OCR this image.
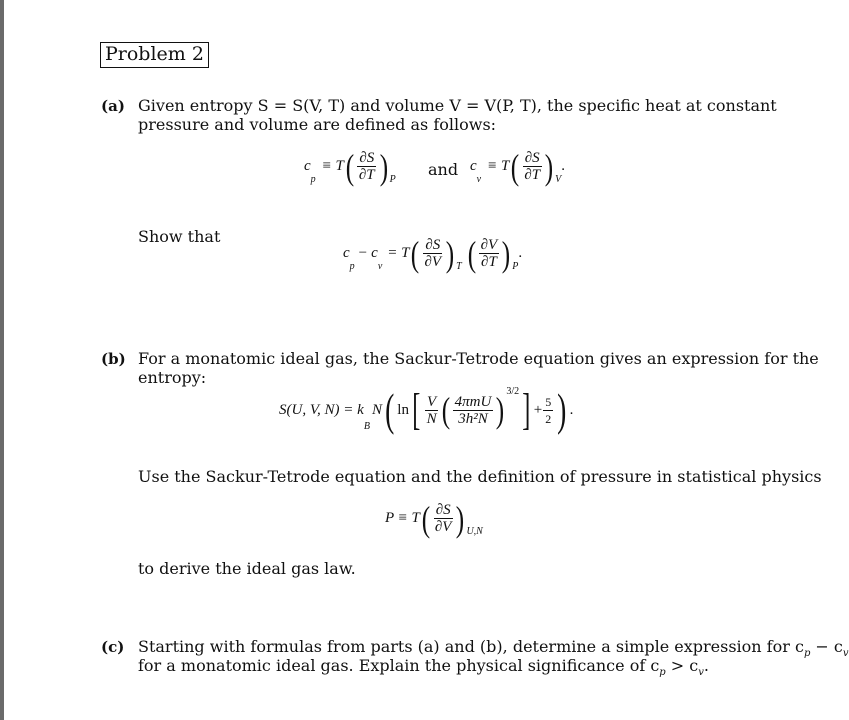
Problem 2
(a) Given entropy S = S(V, T) and volume V = V(P, T), the specific heat at constant
pressure and volume are defined as follows:
c
p
≡ T ( $\frac{\partial S}{\partial T}$ ) P
and c
v
≡ T ( $\frac{\partial S}{\partial T}$ ) V
.
Show that
c
p
− c
v
= T ( $\frac{\partial S}{\partial V}$ ) T ( $\frac{\partial V}{\partial T}$ ) P
.
(b) For a monatomic ideal gas, the Sackur-Tetrode equation gives an expression for the
entropy:
S(U, V, N) = k
B
N ( ln [ $\frac{V}{N}$ ( $\frac{\text{4πmU}}{\text{3h²N}}$ ) 3/2 ] + $\frac{5}{2}$ ) .
Use the Sackur-Tetrode equation and the definition of pressure in statistical physics
P ≡ T ( $\frac{\partial S}{\partial V}$ ) U,N
to derive the ideal gas law.
(c) Starting with formulas from parts (a) and (b), determine a simple expression for $c_p - c_v$
for a monatomic ideal gas. Explain the physical significance of $c_p > c_v$.
